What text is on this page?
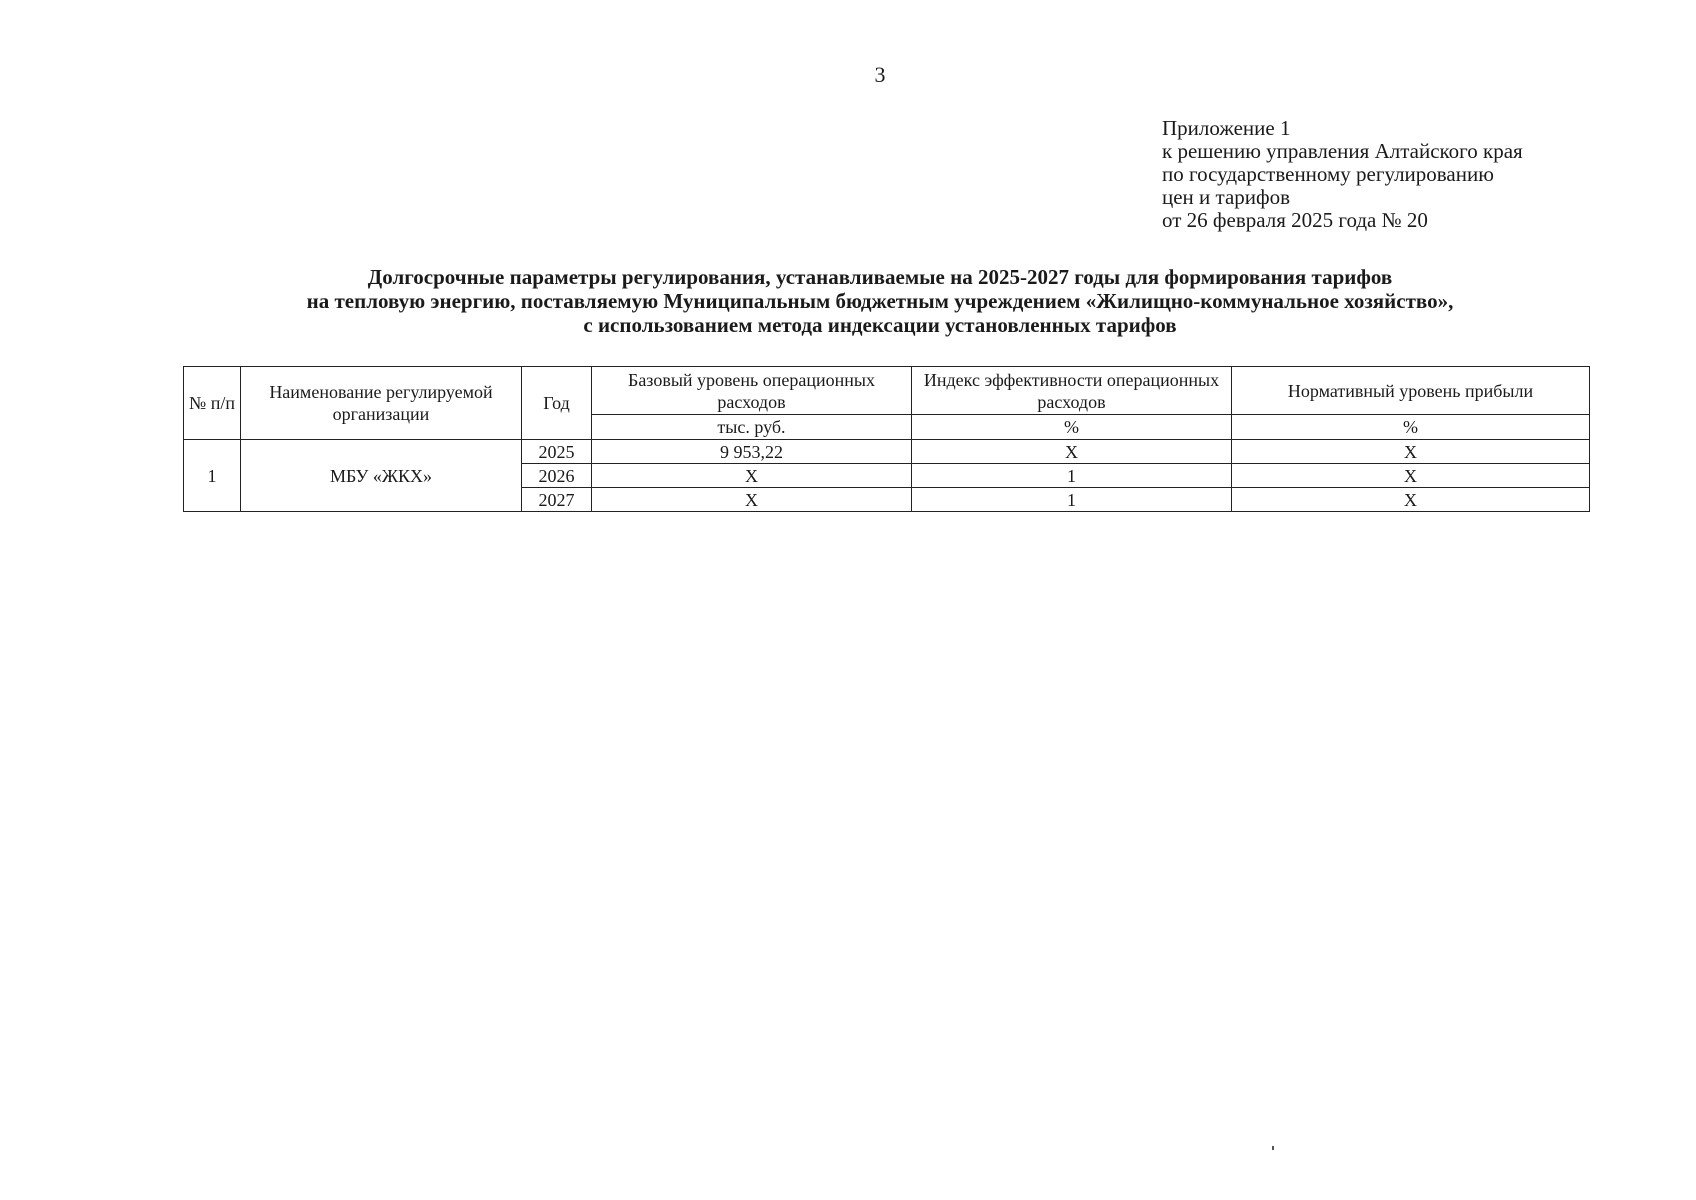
3
Приложение 1
к решению управления Алтайского края
по государственному регулированию
цен и тарифов
от 26 февраля 2025 года № 20
Долгосрочные параметры регулирования, устанавливаемые на 2025-2027 годы для формирования тарифов
на тепловую энергию, поставляемую Муниципальным бюджетным учреждением «Жилищно-коммунальное хозяйство»,
с использованием метода индексации установленных тарифов
№ п/п	Наименование регулируемой организации	Год	Базовый уровень операционных расходов	Индекс эффективности операционных расходов	Нормативный уровень прибыли
			тыс. руб.	%	%
1	МБУ «ЖКХ»	2025	9 953,22	X	X
		2026	X	1	X
		2027	X	1	X
